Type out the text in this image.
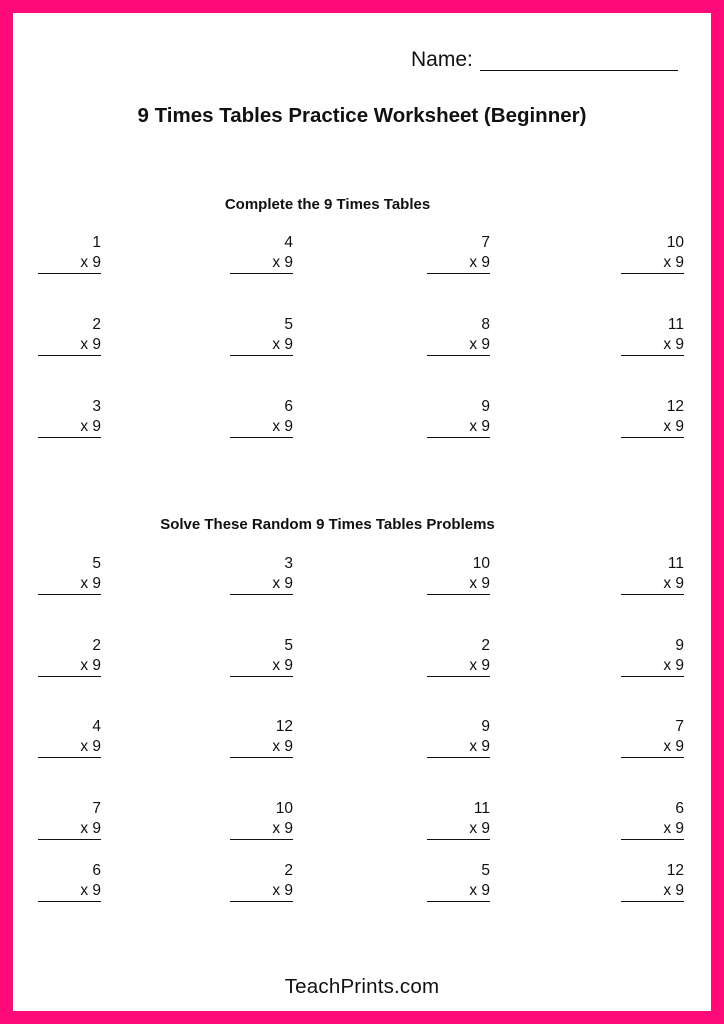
Name:
9 Times Tables Practice Worksheet (Beginner)
Complete the 9 Times Tables
Solve These Random 9 Times Tables Problems
1
x 9
4
x 9
7
x 9
10
x 9
2
x 9
5
x 9
8
x 9
11
x 9
3
x 9
6
x 9
9
x 9
12
x 9
5
x 9
3
x 9
10
x 9
11
x 9
2
x 9
5
x 9
2
x 9
9
x 9
4
x 9
12
x 9
9
x 9
7
x 9
7
x 9
10
x 9
11
x 9
6
x 9
6
x 9
2
x 9
5
x 9
12
x 9
TeachPrints.com
